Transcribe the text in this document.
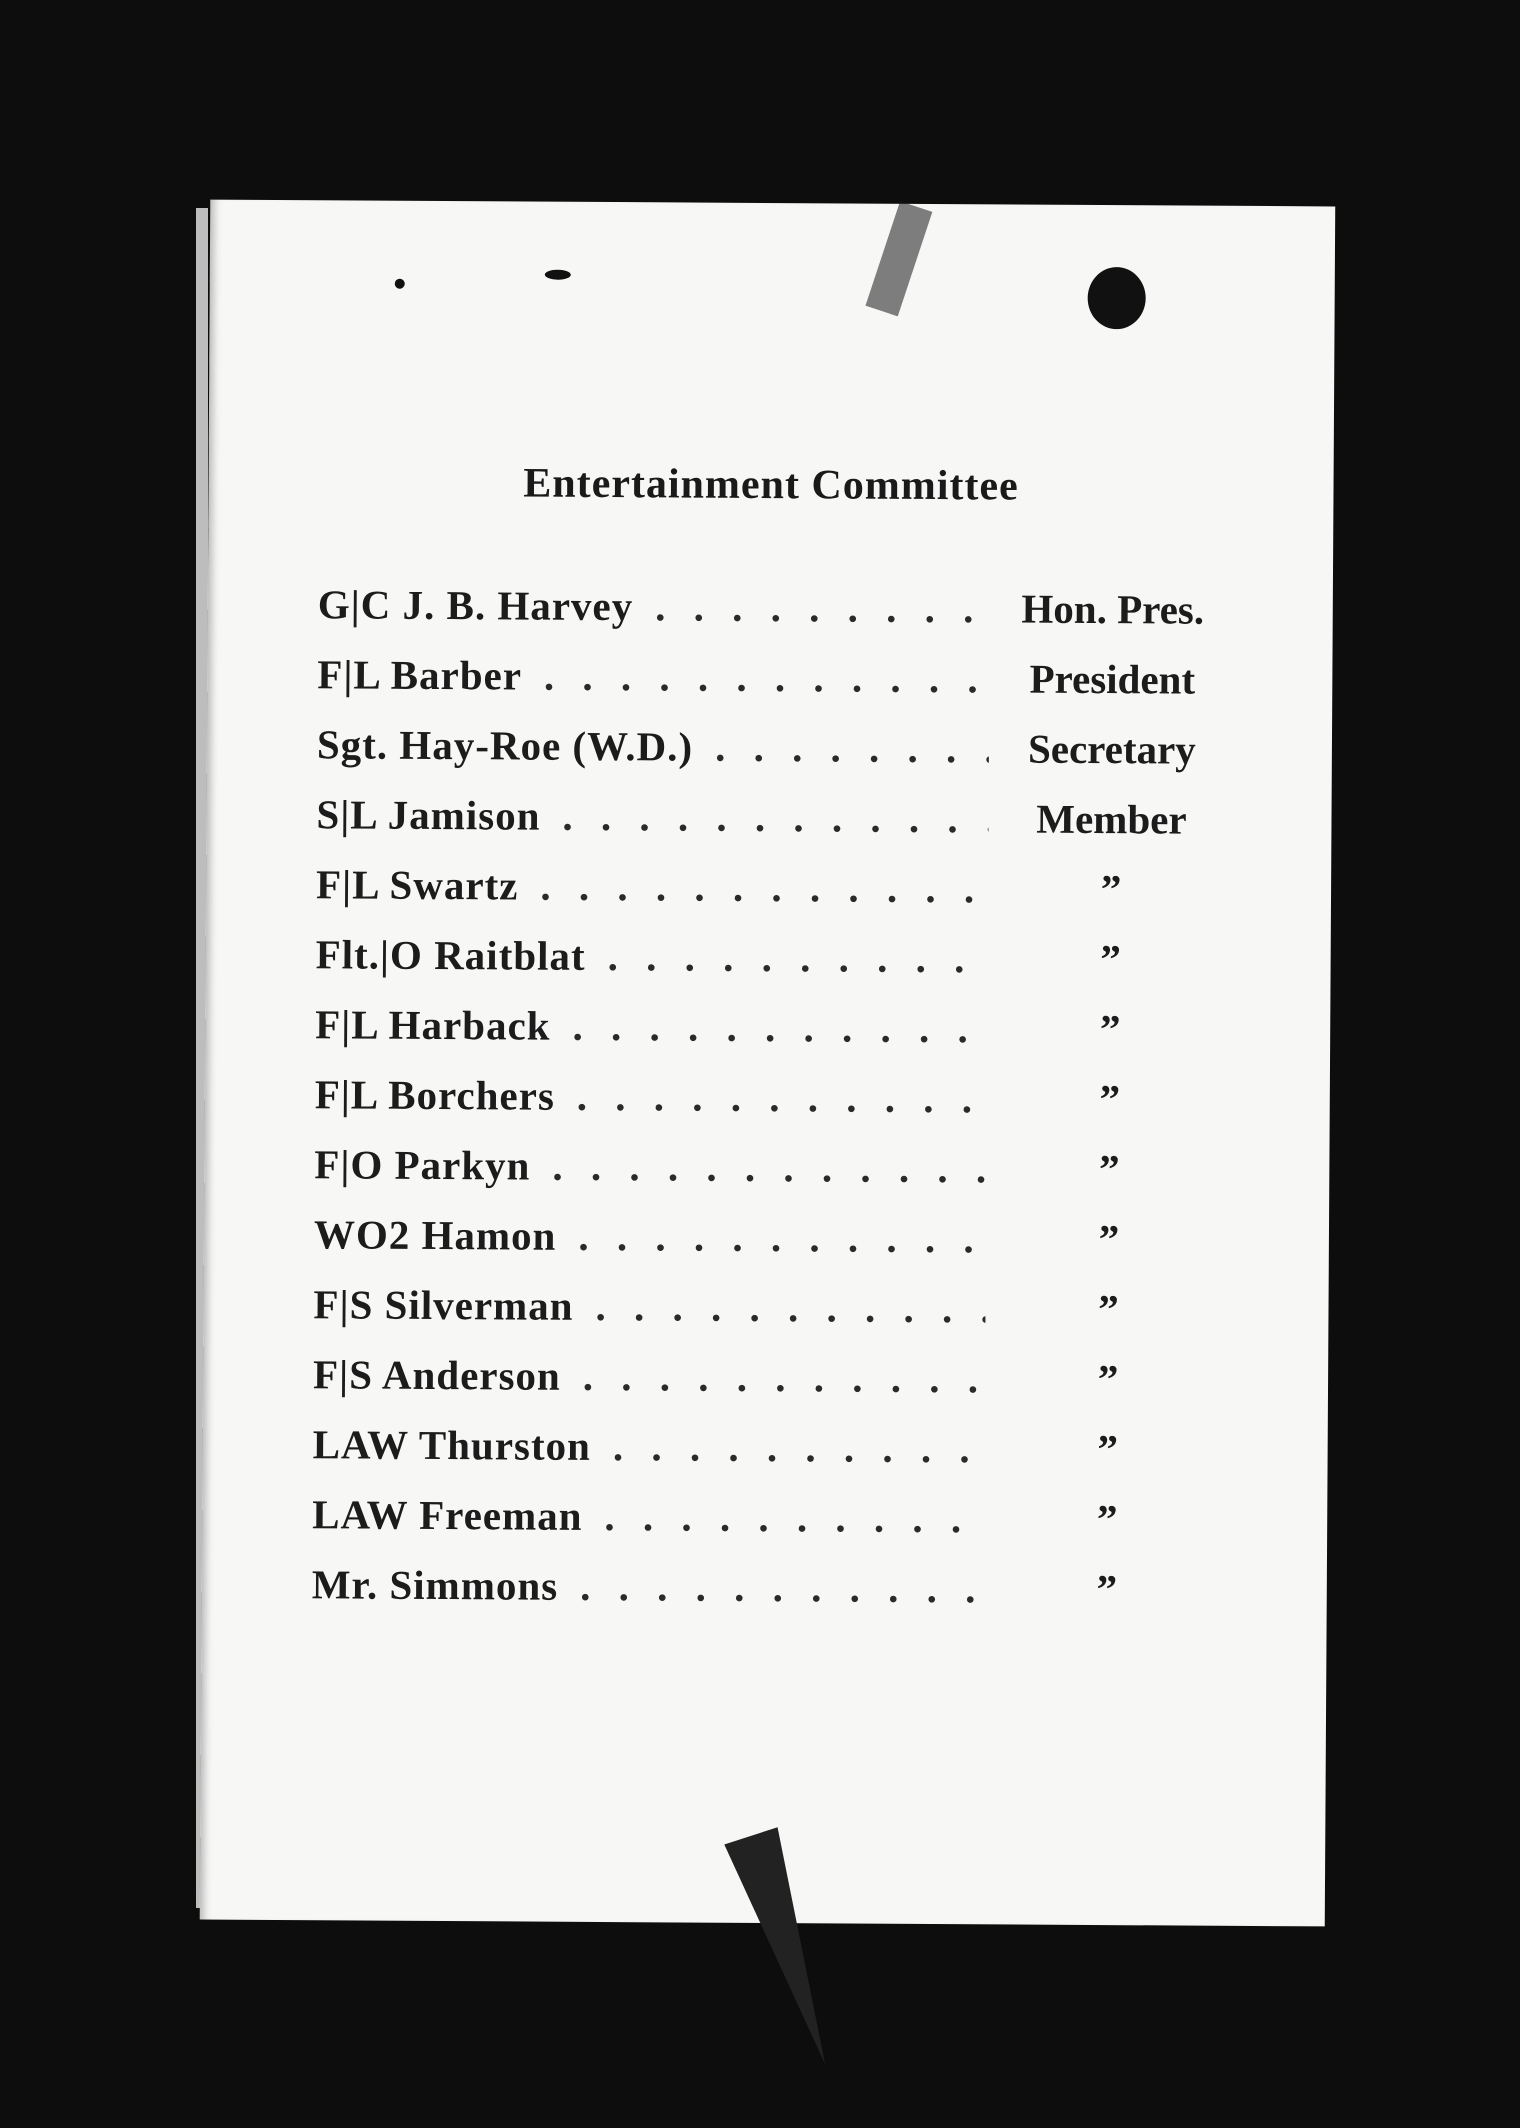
Entertainment Committee
G|C J. B. Harvey . . .	Hon. Pres.
F|L Barber . . .	President
Sgt. Hay-Roe (W.D.) . . .	Secretary
S|L Jamison . . .	Member
F|L Swartz . . .	”
Flt.|O Raitblat . . .	”
F|L Harback . . .	”
F|L Borchers . . .	”
F|O Parkyn . . .	”
WO2 Hamon . . .	”
F|S Silverman . . .	”
F|S Anderson . . .	”
LAW Thurston . . .	”
LAW Freeman . . .	”
Mr. Simmons . . .	”
